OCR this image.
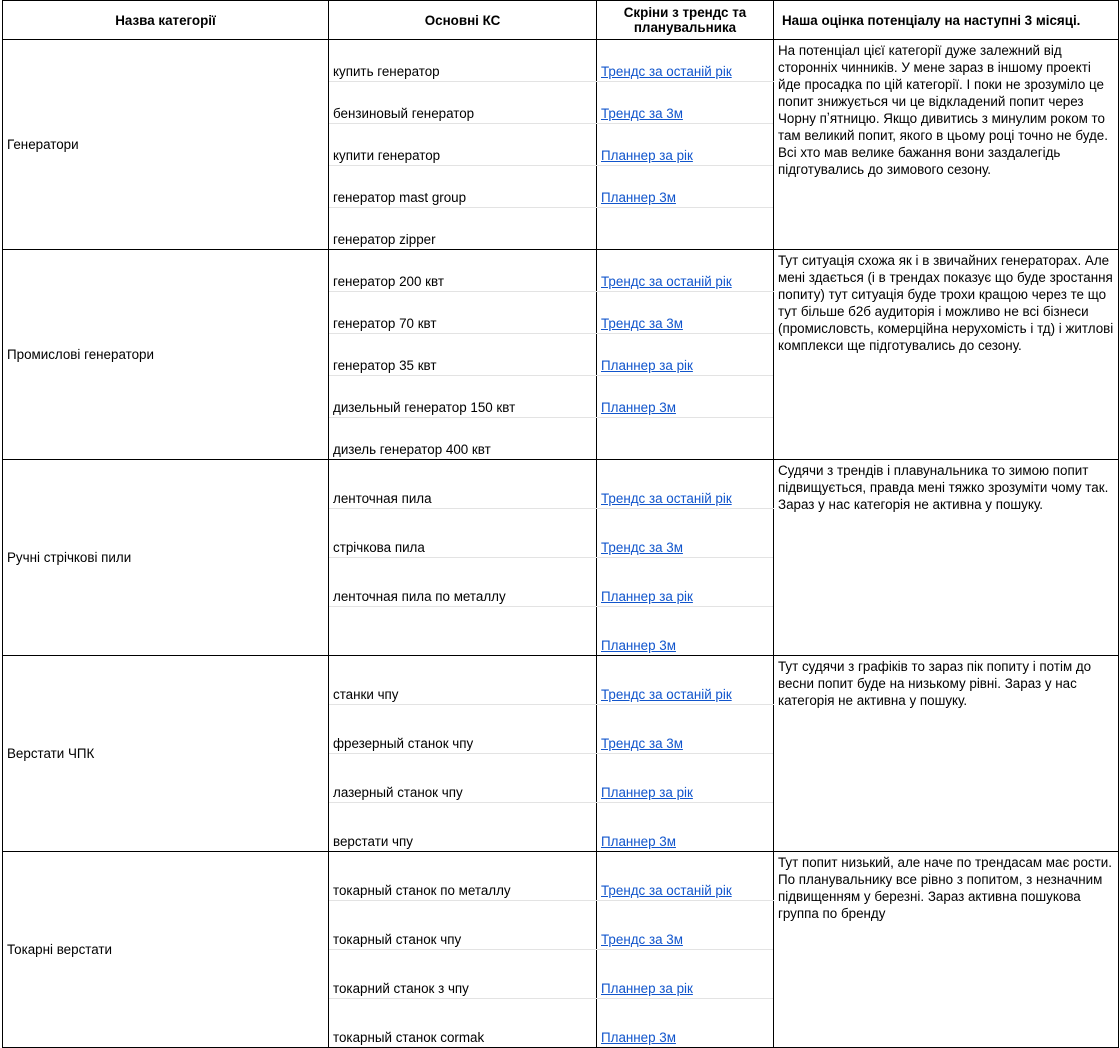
Назва категорії	Основні КС	Скріни з трендс та планувальника	Наша оцінка потенціалу на наступні 3 місяці.
Генератори	купить генератор	Трендс за останій рік	На потенціал цієї категорії дуже залежний від сторонніх чинників. У мене зараз в іншому проекті йде просадка по цій категорії. І поки не зрозуміло це попит знижується чи це відкладений попит через Чорну пʼятницю. Якщо дивитись з минулим роком то там великий попит, якого в цьому році точно не буде. Всі хто мав велике бажання вони заздалегідь підготувались до зимового сезону.
	бензиновый генератор	Трендс за 3м	
	купити генератор	Планнер за рік	
	генератор mast group	Планнер 3м	
	генератор zipper		
Промислові генератори	генератор 200 квт	Трендс за останій рік	Тут ситуація схожа як і в звичайних генераторах. Але мені здається (і в трендах показує що буде зростання попиту) тут ситуація буде трохи кращою через те що тут більше б2б аудиторія і можливо не всі бізнеси (промисловсть, комерційна нерухомість і тд) і житлові комплекси ще підготувались до сезону.
	генератор 70 квт	Трендс за 3м	
	генератор 35 квт	Планнер за рік	
	дизельный генератор 150 квт	Планнер 3м	
	дизель генератор 400 квт		
Ручні стрічкові пили	ленточная пила	Трендс за останій рік	Судячи з трендів і плавунальника то зимою попит підвищується, правда мені тяжко зрозуміти чому так. Зараз у нас категорія не активна у пошуку.
	стрічкова пила	Трендс за 3м	
	ленточная пила по металлу	Планнер за рік	
		Планнер 3м	
Верстати ЧПК	станки чпу	Трендс за останій рік	Тут судячи з графіків то зараз пік попиту і потім до весни попит буде на низькому рівні. Зараз у нас категорія не активна у пошуку.
	фрезерный станок чпу	Трендс за 3м	
	лазерный станок чпу	Планнер за рік	
	верстати чпу	Планнер 3м	
Токарні верстати	токарный станок по металлу	Трендс за останій рік	Тут попит низький, але наче по трендасам має рости. По планувальнику все рівно з попитом, з незначним підвищенням у березні. Зараз активна пошукова группа по бренду
	токарный станок чпу	Трендс за 3м	
	токарний станок з чпу	Планнер за рік	
	токарный станок cormak	Планнер 3м	
